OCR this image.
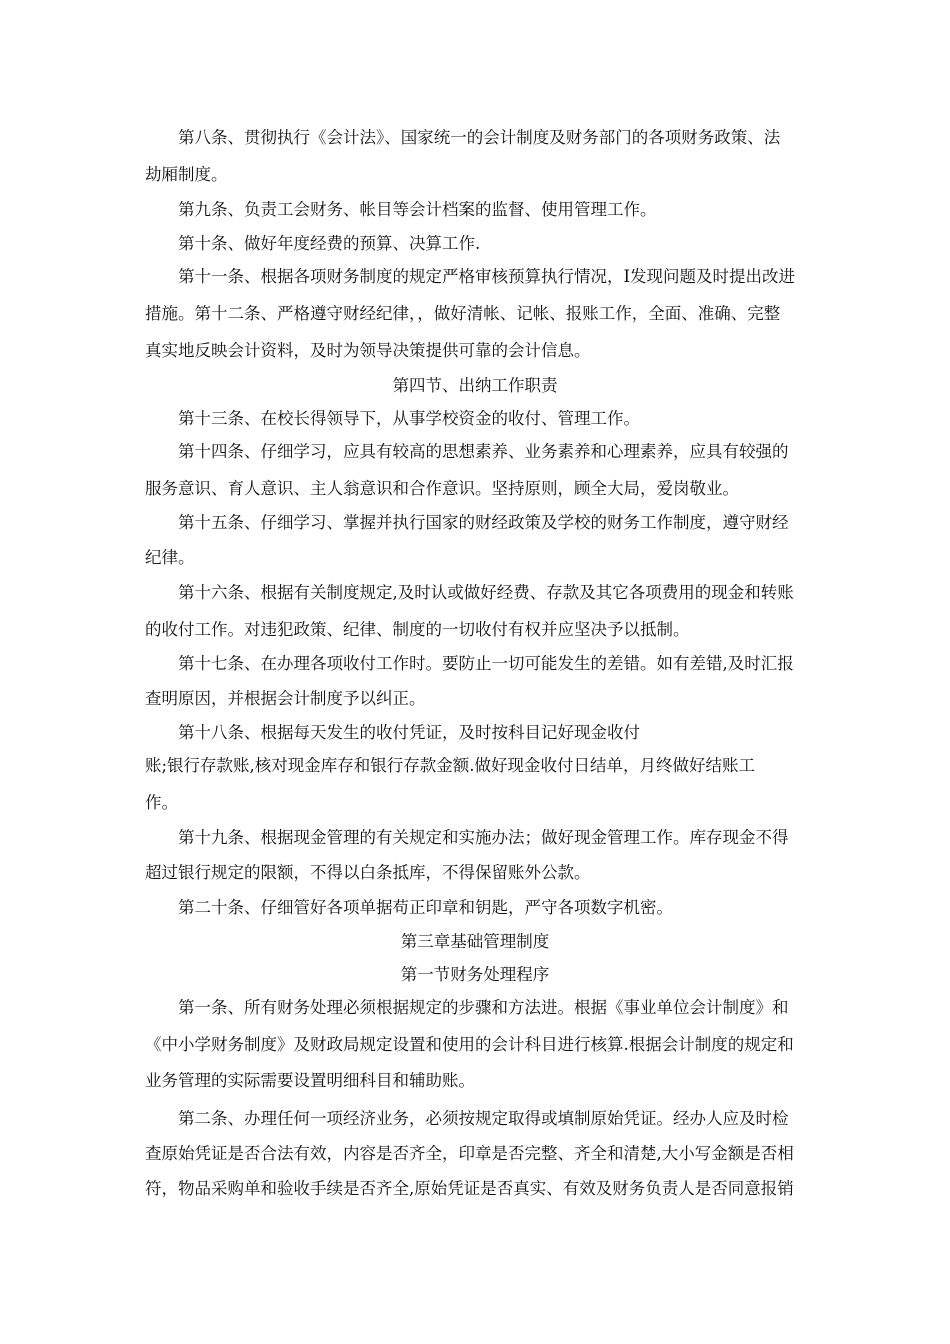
第八条、贯彻执行《会计法》、国家统一的会计制度及财务部门的各项财务政策、法
劫厢制度。
第九条、负责工会财务、帐目等会计档案的监督、使用管理工作。
第十条、做好年度经费的预算、决算工作.
第十一条、根据各项财务制度的规定严格审核预算执行情况，I发现问题及时提出改进
措施。第十二条、严格遵守财经纪律，，做好清帐、记帐、报账工作，全面、准确、完整
真实地反映会计资料，及时为领导决策提供可靠的会计信息。
第四节、出纳工作职责
第十三条、在校长得领导下，从事学校资金的收付、管理工作。
第十四条、仔细学习，应具有较高的思想素养、业务素养和心理素养，应具有较强的
服务意识、育人意识、主人翁意识和合作意识。坚持原则，顾全大局，爱岗敬业。
第十五条、仔细学习、掌握并执行国家的财经政策及学校的财务工作制度，遵守财经
纪律。
第十六条、根据有关制度规定,及时认或做好经费、存款及其它各项费用的现金和转账
的收付工作。对违犯政策、纪律、制度的一切收付有权并应坚决予以抵制。
第十七条、在办理各项收付工作时。要防止一切可能发生的差错。如有差错,及时汇报
查明原因，并根据会计制度予以纠正。
第十八条、根据每天发生的收付凭证，及时按科目记好现金收付
账;银行存款账,核对现金库存和银行存款金额.做好现金收付日结单，月终做好结账工
作。
第十九条、根据现金管理的有关规定和实施办法；做好现金管理工作。库存现金不得
超过银行规定的限额，不得以白条抵库，不得保留账外公款。
第二十条、仔细管好各项单据苟正印章和钥匙，严守各项数字机密。
第三章基础管理制度
第一节财务处理程序
第一条、所有财务处理必须根据规定的步骤和方法进。根据《事业单位会计制度》和
《中小学财务制度》及财政局规定设置和使用的会计科目进行核算.根据会计制度的规定和
业务管理的实际需要设置明细科目和辅助账。
第二条、办理任何一项经济业务，必须按规定取得或填制原始凭证。经办人应及时检
查原始凭证是否合法有效，内容是否齐全，印章是否完整、齐全和清楚,大小写金额是否相
符，物品采购单和验收手续是否齐全,原始凭证是否真实、有效及财务负责人是否同意报销
